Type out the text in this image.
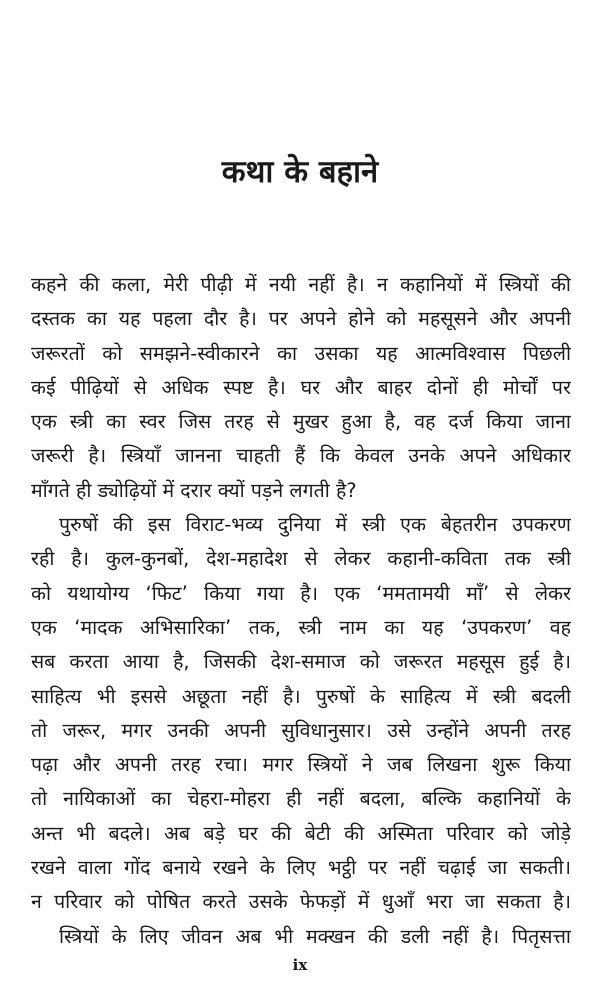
कथा के बहाने
कहने की कला, मेरी पीढ़ी में नयी नहीं है। न कहानियों में स्त्रियों की
दस्तक का यह पहला दौर है। पर अपने होने को महसूसने और अपनी
जरूरतों को समझने-स्वीकारने का उसका यह आत्मविश्वास पिछली
कई पीढ़ियों से अधिक स्पष्ट है। घर और बाहर दोनों ही मोर्चों पर
एक स्त्री का स्वर जिस तरह से मुखर हुआ है, वह दर्ज किया जाना
जरूरी है। स्त्रियाँ जानना चाहती हैं कि केवल उनके अपने अधिकार
माँगते ही ड्योढ़ियों में दरार क्यों पड़ने लगती है?
पुरुषों की इस विराट-भव्य दुनिया में स्त्री एक बेहतरीन उपकरण
रही है। कुल-कुनबों, देश-महादेश से लेकर कहानी-कविता तक स्त्री
को यथायोग्य ‘फिट’ किया गया है। एक ‘ममतामयी माँ’ से लेकर
एक ‘मादक अभिसारिका’ तक, स्त्री नाम का यह ‘उपकरण’ वह
सब करता आया है, जिसकी देश-समाज को जरूरत महसूस हुई है।
साहित्य भी इससे अछूता नहीं है। पुरुषों के साहित्य में स्त्री बदली
तो जरूर, मगर उनकी अपनी सुविधानुसार। उसे उन्होंने अपनी तरह
पढ़ा और अपनी तरह रचा। मगर स्त्रियों ने जब लिखना शुरू किया
तो नायिकाओं का चेहरा-मोहरा ही नहीं बदला, बल्कि कहानियों के
अन्त भी बदले। अब बड़े घर की बेटी की अस्मिता परिवार को जोड़े
रखने वाला गोंद बनाये रखने के लिए भट्ठी पर नहीं चढ़ाई जा सकती।
न परिवार को पोषित करते उसके फेफड़ों में धुआँ भरा जा सकता है।
स्त्रियों के लिए जीवन अब भी मक्खन की डली नहीं है। पितृसत्ता
ix
